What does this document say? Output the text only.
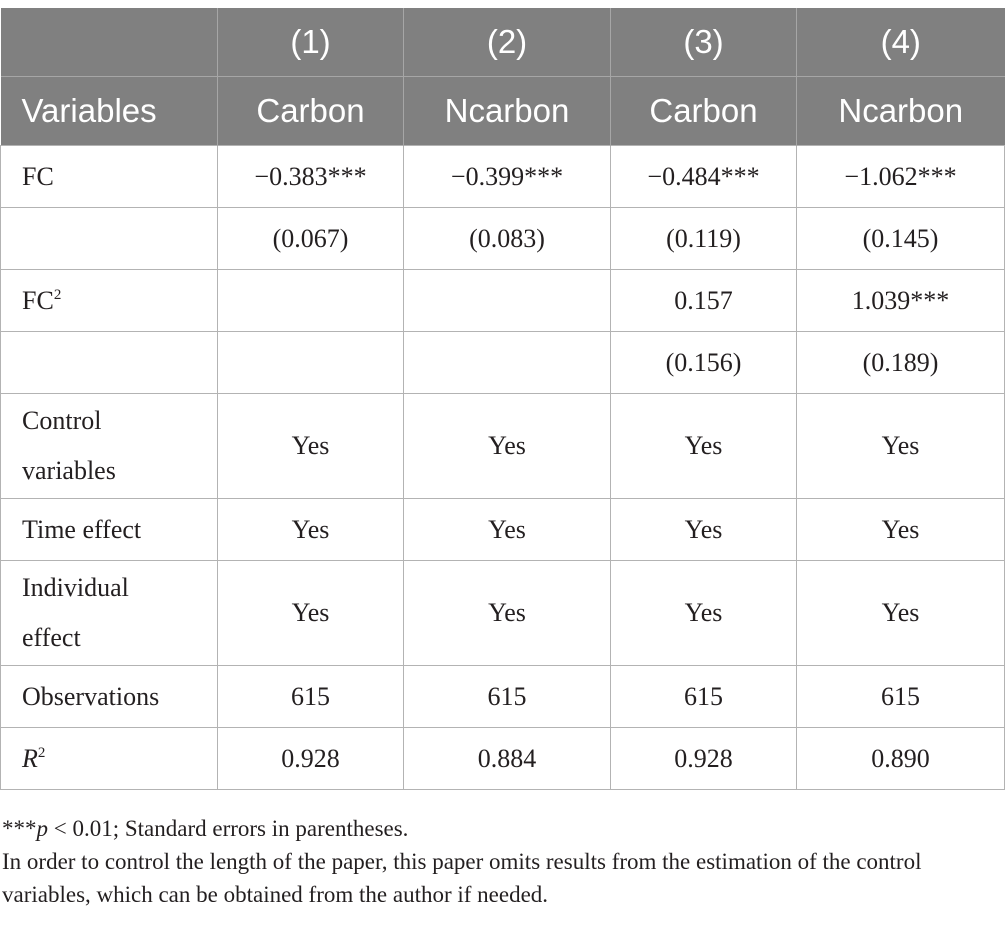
	(1)	(2)	(3)	(4)
Variables	Carbon	Ncarbon	Carbon	Ncarbon
FC	−0.383***	−0.399***	−0.484***	−1.062***
	(0.067)	(0.083)	(0.119)	(0.145)
$FC^2$			0.157	1.039***
			(0.156)	(0.189)
Control
variables	Yes	Yes	Yes	Yes
Time effect	Yes	Yes	Yes	Yes
Individual
effect	Yes	Yes	Yes	Yes
Observations	615	615	615	615
$R^2$	0.928	0.884	0.928	0.890

***p < 0.01; Standard errors in parentheses.

In order to control the length of the paper, this paper omits results from the estimation of the control variables, which can be obtained from the author if needed.
